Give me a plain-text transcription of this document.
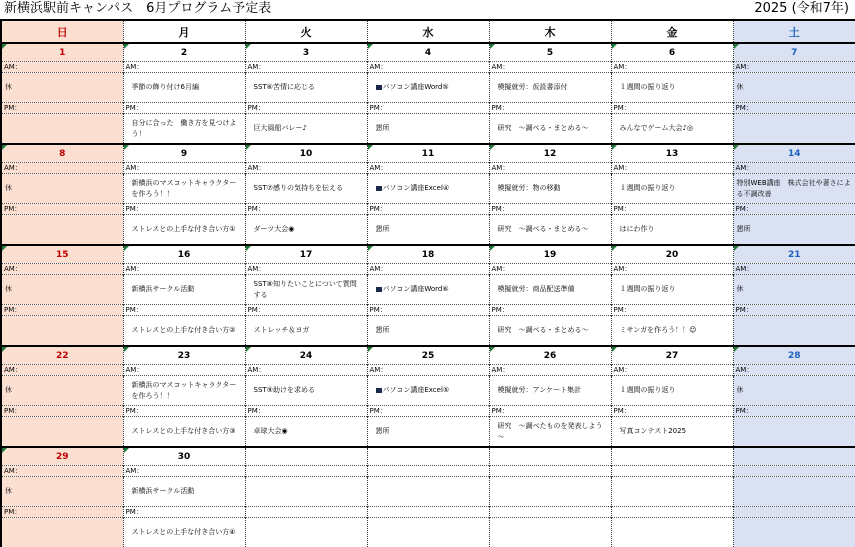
新横浜駅前キャンパス　6月プログラム予定表	2025 (令和7年)
日	月	火	水	木	金	土
1	2	3	4	5	6	7
AM：	AM：	AM：	AM：	AM：	AM：	AM：
休	季節の飾り付け6月編	SST⑥苦情に応じる	パソコン講座Word⑤	模擬就労：仮設書添付	１週間の振り返り	休
PM：	PM：	PM：	PM：	PM：	PM：	PM：
	自分に合った　働き方を見つけよう！	巨大風船バレー♪	懇所	研究　～調べる・まとめる～	みんなでゲーム大会♪◎	
8	9	10	11	12	13	14
AM：	AM：	AM：	AM：	AM：	AM：	AM：
休	新横浜のマスコットキャラクターを作ろう！！	SST⑦感りの気持ちを伝える	パソコン講座Excel④	模擬就労：物の移動	１週間の振り返り	特別WEB講座　株式会社や著さによる不調改善
PM：	PM：	PM：	PM：	PM：	PM：	PM：
	ストレスとの上手な付き合い方①	ダーツ大会◉	懇所	研究　～調べる・まとめる～	はにわ作り	懇所
15	16	17	18	19	20	21
AM：	AM：	AM：	AM：	AM：	AM：	AM：
休	新横浜サークル活動	SST⑧知りたいことについて質問する	パソコン講座Word⑥	模擬就労：商品配送準備	１週間の振り返り	休
PM：	PM：	PM：	PM：	PM：	PM：	PM：
	ストレスとの上手な付き合い方②	ストレッチ＆ヨガ	懇所	研究　～調べる・まとめる～	ミサンガを作ろう！！☺	
22	23	24	25	26	27	28
AM：	AM：	AM：	AM：	AM：	AM：	AM：
休	新横浜のマスコットキャラクターを作ろう！！	SST⑨助けを求める	パソコン講座Excel⑤	模擬就労：アンケート集計	１週間の振り返り	休
PM：	PM：	PM：	PM：	PM：	PM：	PM：
	ストレスとの上手な付き合い方③	卓球大会◉	懇所	研究　～調べたものを発表しよう～	写真コンテスト2025	
29	30					
AM：	AM：					
休	新横浜サークル活動					
PM：	PM：					
	ストレスとの上手な付き合い方④					
